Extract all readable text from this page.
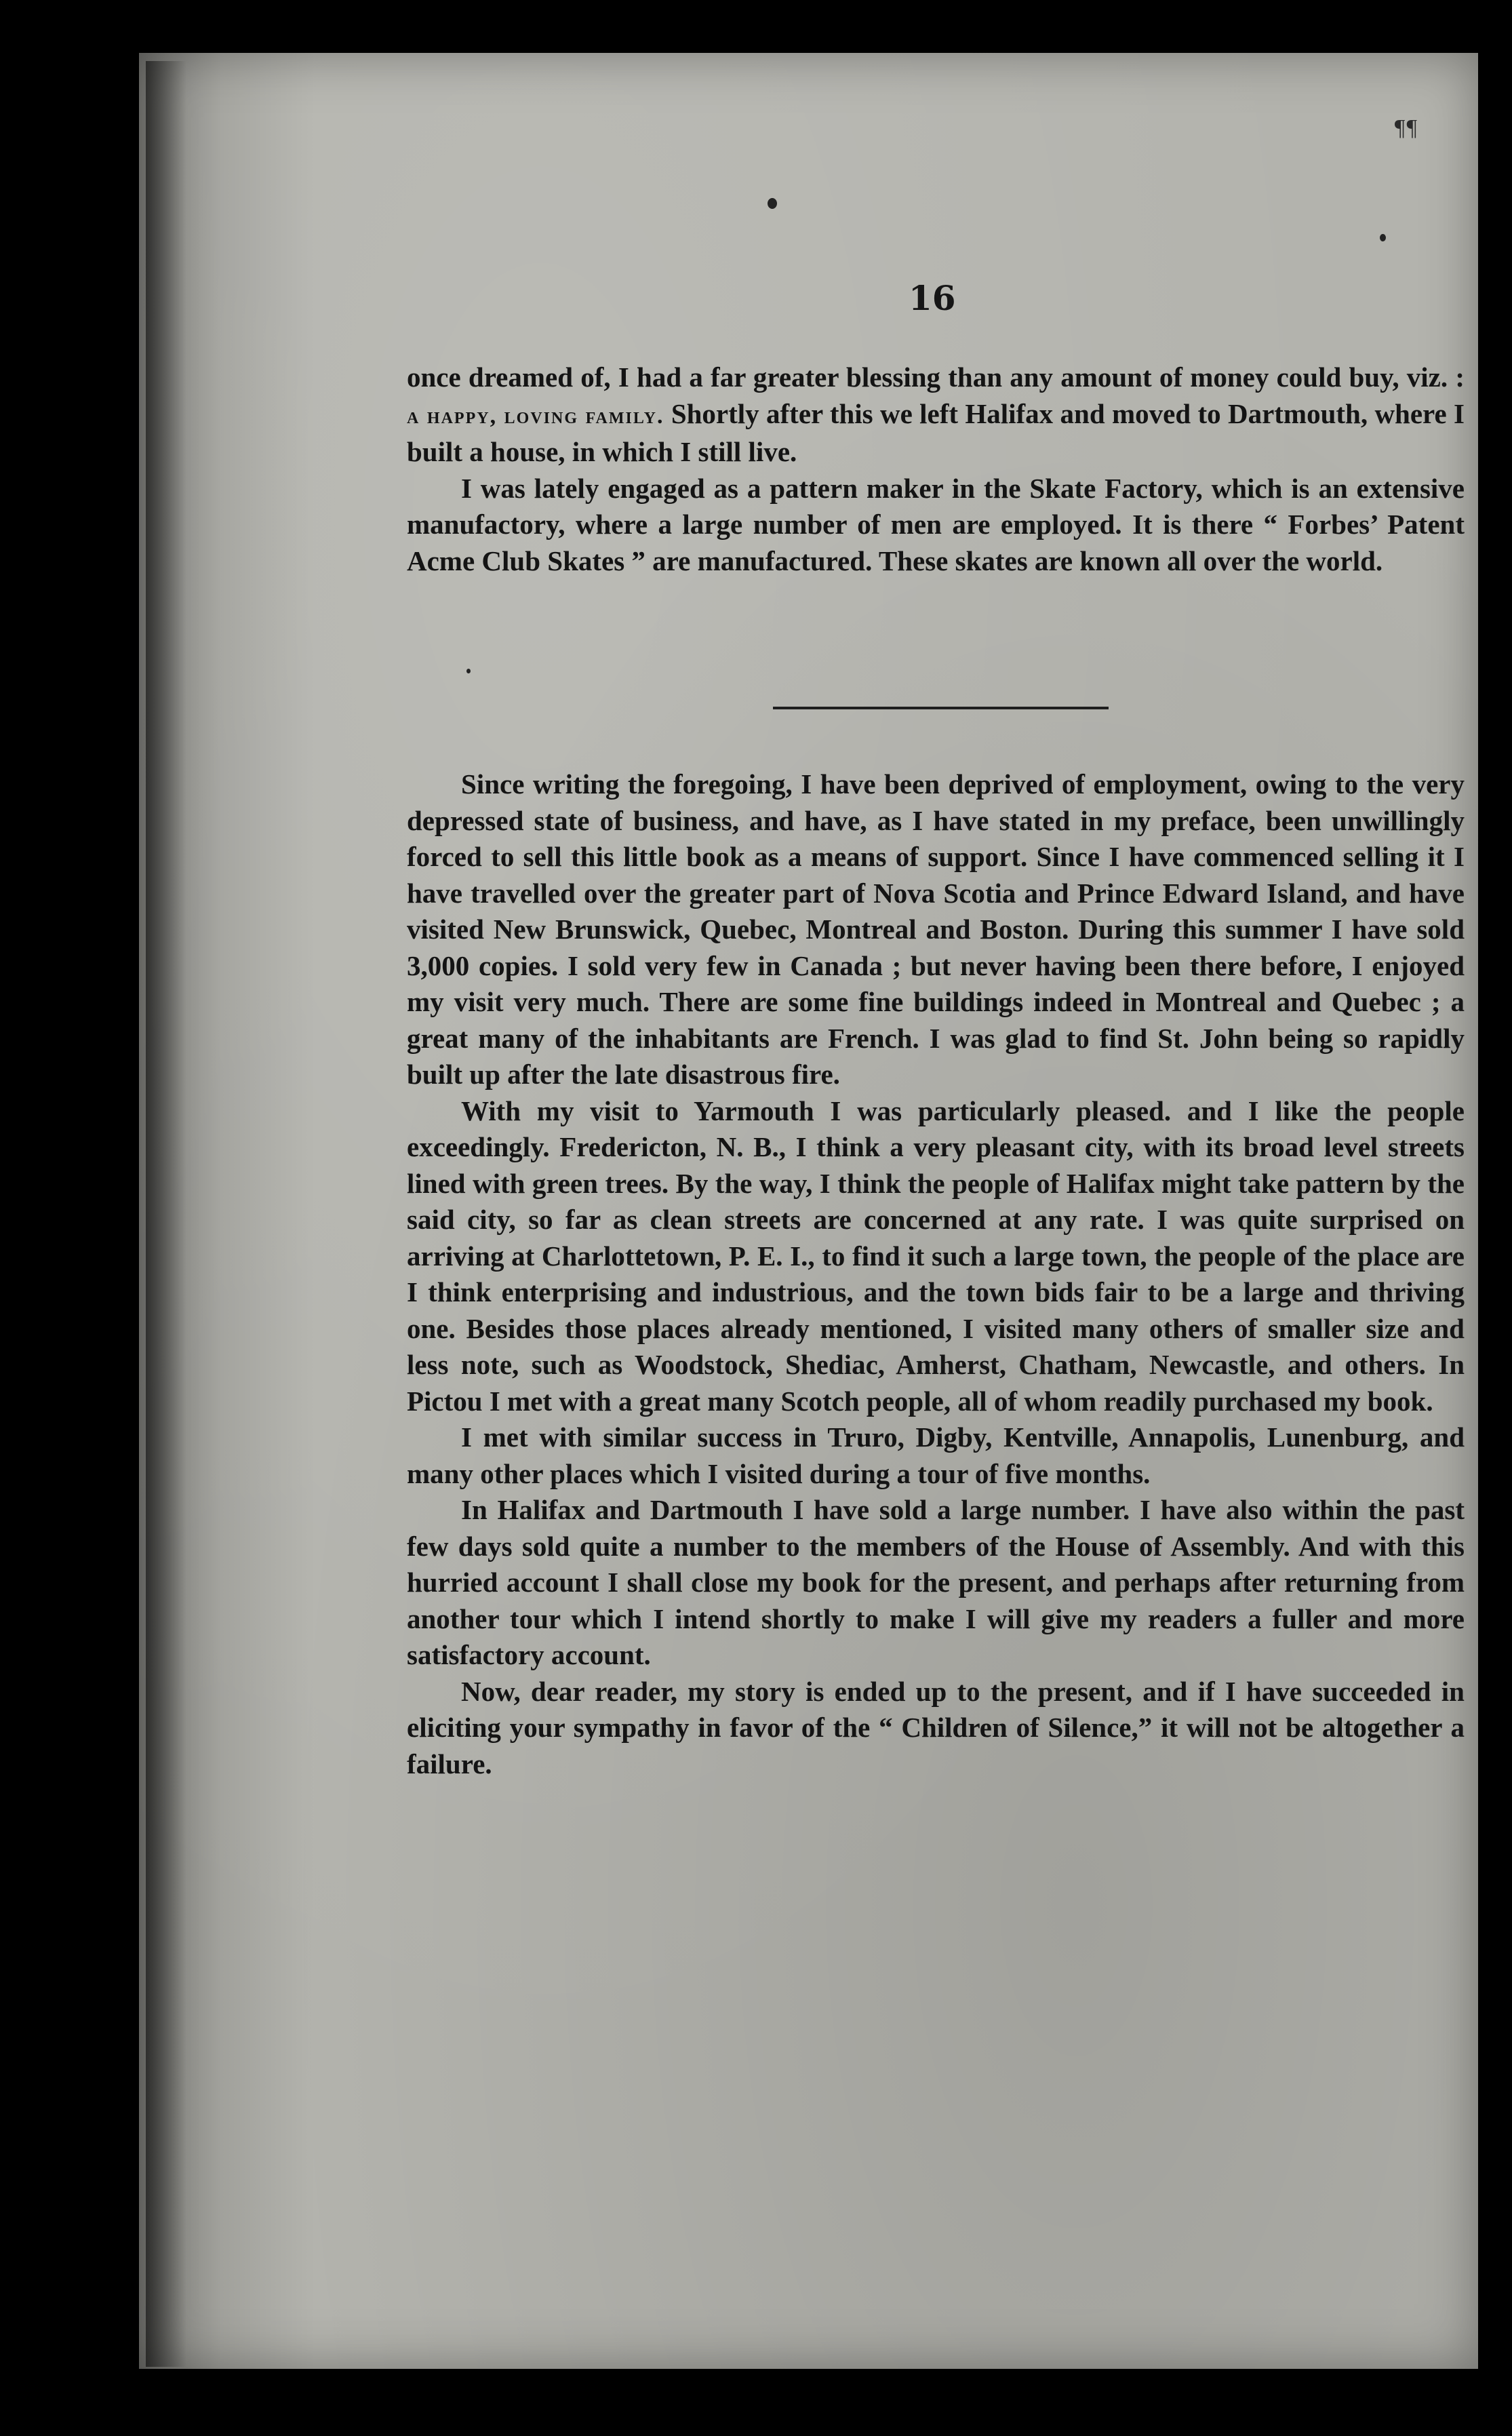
¶¶
16

once dreamed of, I had a far greater blessing than any amount of money could buy, viz. : a happy, loving family. Shortly after this we left Halifax and moved to Dartmouth, where I built a house, in which I still live.

I was lately engaged as a pattern maker in the Skate Factory, which is an extensive manufactory, where a large number of men are employed. It is there “ Forbes’ Patent Acme Club Skates ” are manufactured. These skates are known all over the world.

Since writing the foregoing, I have been deprived of employment, owing to the very depressed state of business, and have, as I have stated in my preface, been unwillingly forced to sell this little book as a means of support. Since I have commenced selling it I have travelled over the greater part of Nova Scotia and Prince Edward Island, and have visited New Brunswick, Quebec, Montreal and Boston. During this summer I have sold 3,000 copies. I sold very few in Canada ; but never having been there before, I enjoyed my visit very much. There are some fine buildings indeed in Montreal and Quebec ; a great many of the inhabitants are French. I was glad to find St. John being so rapidly built up after the late disastrous fire.

With my visit to Yarmouth I was particularly pleased. and I like the people exceedingly. Fredericton, N. B., I think a very pleasant city, with its broad level streets lined with green trees. By the way, I think the people of Halifax might take pattern by the said city, so far as clean streets are concerned at any rate. I was quite surprised on arriving at Charlottetown, P. E. I., to find it such a large town, the people of the place are I think enterprising and industrious, and the town bids fair to be a large and thriving one. Besides those places already mentioned, I visited many others of smaller size and less note, such as Woodstock, Shediac, Amherst, Chatham, Newcastle, and others. In Pictou I met with a great many Scotch people, all of whom readily purchased my book.

I met with similar success in Truro, Digby, Kentville, Annapolis, Lunenburg, and many other places which I visited during a tour of five months.

In Halifax and Dartmouth I have sold a large number. I have also within the past few days sold quite a number to the members of the House of Assembly. And with this hurried account I shall close my book for the present, and perhaps after returning from another tour which I intend shortly to make I will give my readers a fuller and more satisfactory account.

Now, dear reader, my story is ended up to the present, and if I have succeeded in eliciting your sympathy in favor of the “ Children of Silence,” it will not be altogether a failure.
